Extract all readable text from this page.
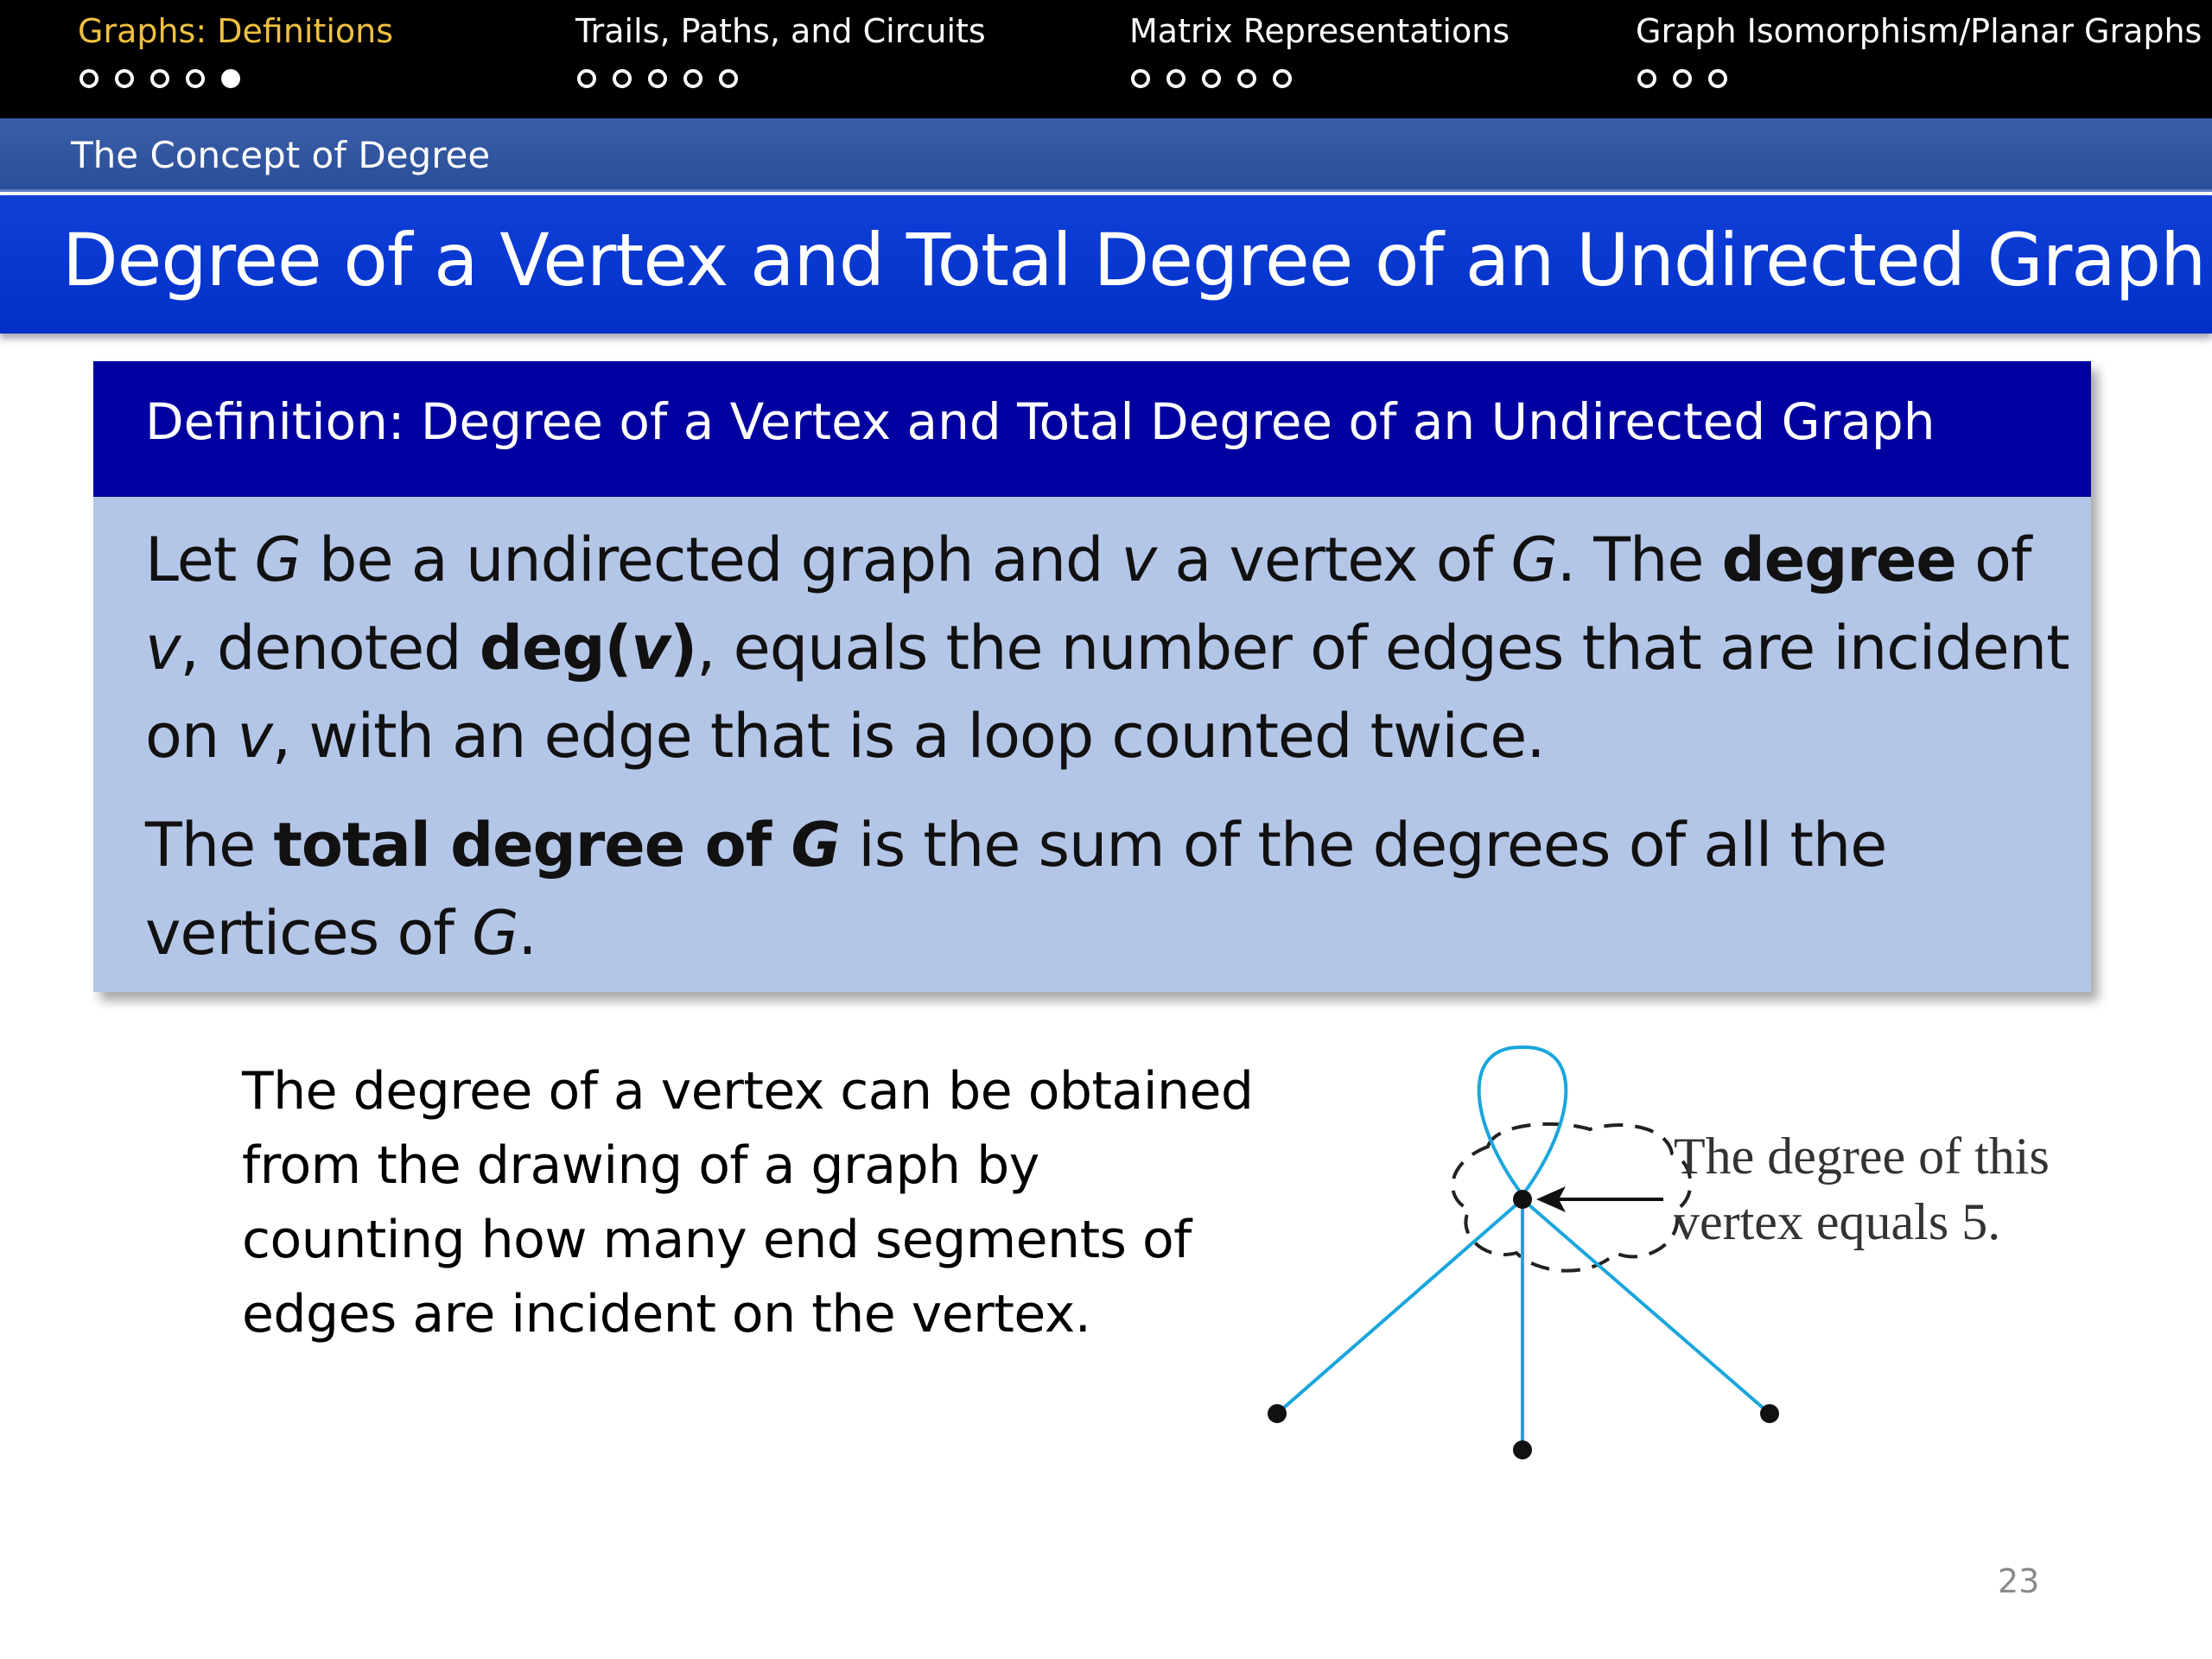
Graphs: Definitions	Trails, Paths, and Circuits	Matrix Representations	Graph Isomorphism/Planar Graphs
The Concept of Degree
Degree of a Vertex and Total Degree of an Undirected Graph
Definition: Degree of a Vertex and Total Degree of an Undirected Graph

Let G be a undirected graph and v a vertex of G. The degree of v, denoted deg(v), equals the number of edges that are incident on v, with an edge that is a loop counted twice.

The total degree of G is the sum of the degrees of all the vertices of G.

The degree of a vertex can be obtained from the drawing of a graph by counting how many end segments of edges are incident on the vertex.

The degree of this
vertex equals 5.

23
